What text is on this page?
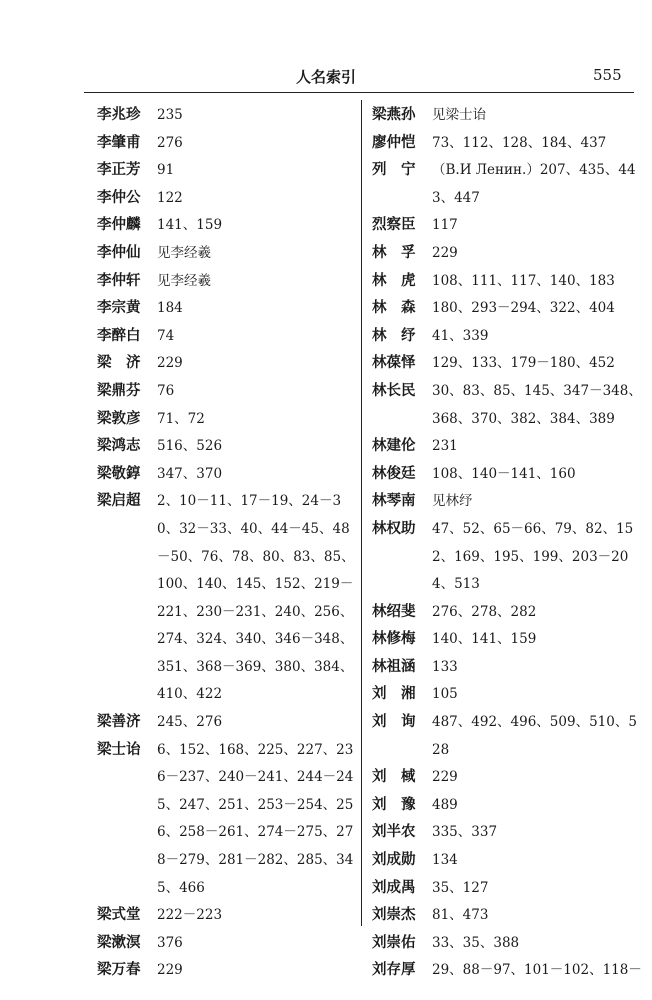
人名索引	555
李兆珍	235
李肇甫	276
李正芳	91
李仲公	122
李仲麟	141、159
李仲仙	见李经羲
李仲轩	见李经羲
李宗黄	184
李醉白	74
梁　济	229
梁鼎芬	76
梁敦彦	71、72
梁鸿志	516、526
梁敬錞	347、370
梁启超	2、10－11、17－19、24－30、32－33、40、44－45、48－50、76、78、80、83、85、100、140、145、152、219－221、230－231、240、256、274、324、340、346－348、351、368－369、380、384、410、422
梁善济	245、276
梁士诒	6、152、168、225、227、236－237、240－241、244－245、247、251、253－254、256、258－261、274－275、278－279、281－282、285、345、466
梁式堂	222－223
梁漱溟	376
梁万春	229
梁燕孙	见梁士诒
廖仲恺	73、112、128、184、437
列　宁	（В.И Ленин.）207、435、443、447
烈察臣	117
林　孚	229
林　虎	108、111、117、140、183
林　森	180、293－294、322、404
林　纾	41、339
林葆怿	129、133、179－180、452
林长民	30、83、85、145、347－348、368、370、382、384、389
林建伦	231
林俊廷	108、140－141、160
林琴南	见林纾
林权助	47、52、65－66、79、82、152、169、195、199、203－204、513
林绍斐	276、278、282
林修梅	140、141、159
林祖涵	133
刘　湘	105
刘　询	487、492、496、509、510、528
刘　棫	229
刘　豫	489
刘半农	335、337
刘成勋	134
刘成禺	35、127
刘崇杰	81、473
刘崇佑	33、35、388
刘存厚	29、88－97、101－102、118－
